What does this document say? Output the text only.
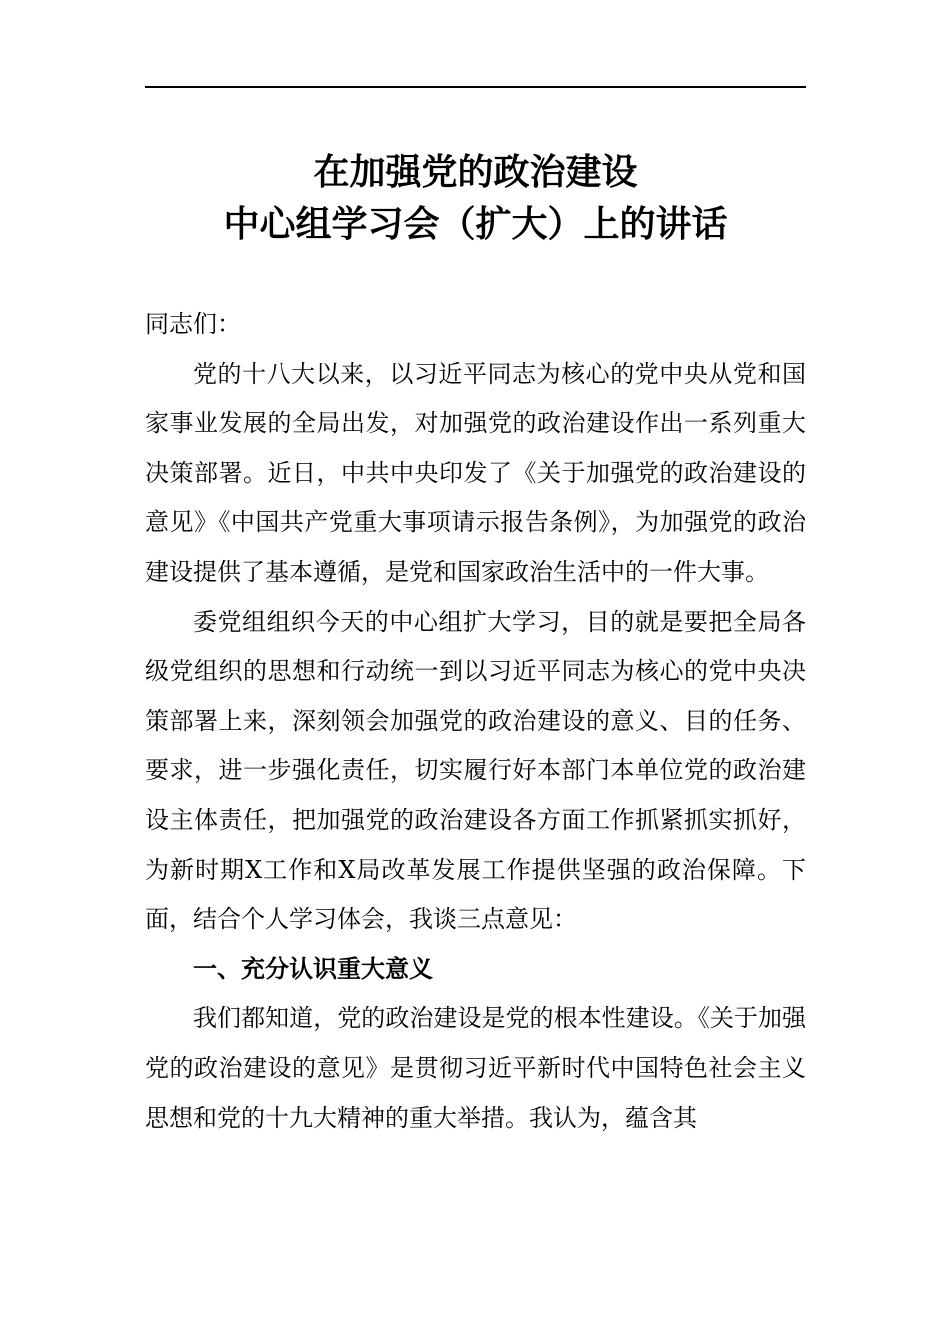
在加强党的政治建设
中心组学习会（扩大）上的讲话

同志们：

党的十八大以来，以习近平同志为核心的党中央从党和国家事业发展的全局出发，对加强党的政治建设作出一系列重大决策部署。近日，中共中央印发了《关于加强党的政治建设的意见》《中国共产党重大事项请示报告条例》，为加强党的政治建设提供了基本遵循，是党和国家政治生活中的一件大事。

委党组组织今天的中心组扩大学习，目的就是要把全局各级党组织的思想和行动统一到以习近平同志为核心的党中央决策部署上来，深刻领会加强党的政治建设的意义、目的任务、要求，进一步强化责任，切实履行好本部门本单位党的政治建设主体责任，把加强党的政治建设各方面工作抓紧抓实抓好，为新时期X工作和X局改革发展工作提供坚强的政治保障。下面，结合个人学习体会，我谈三点意见：

一、充分认识重大意义

我们都知道，党的政治建设是党的根本性建设。《关于加强党的政治建设的意见》是贯彻习近平新时代中国特色社会主义思想和党的十九大精神的重大举措。我认为，蕴含其
